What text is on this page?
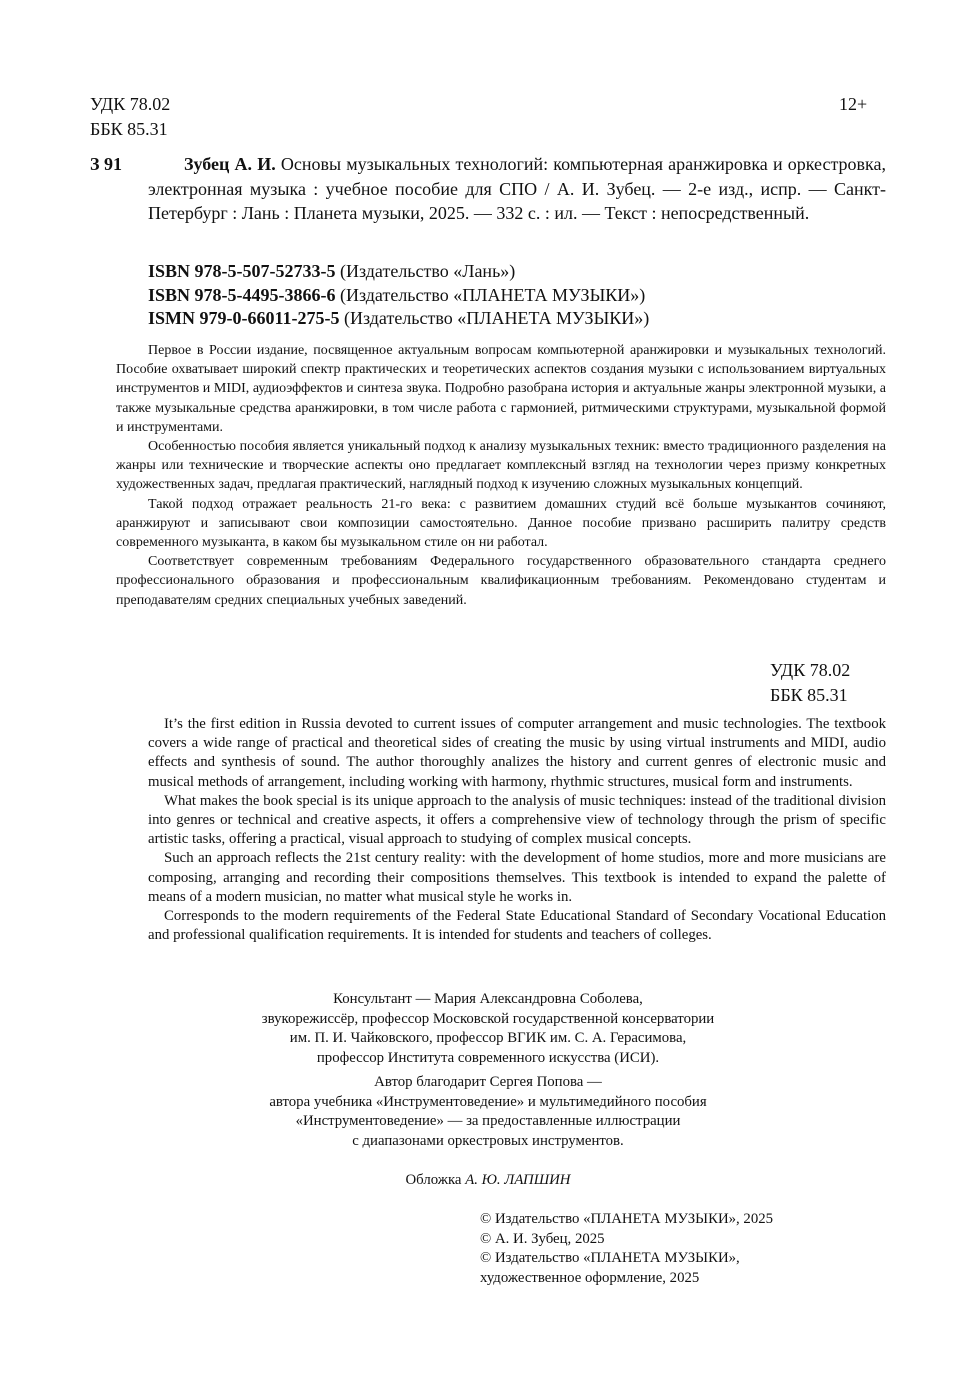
УДК 78.02
ББК 85.31
12+
З 91	Зубец А. И. Основы музыкальных технологий: компьютерная аранжировка и оркестровка, электронная музыка : учебное пособие для СПО / А. И. Зубец. — 2-е изд., испр. — Санкт-Петербург : Лань : Планета музыки, 2025. — 332 с. : ил. — Текст : непосредственный.
ISBN 978-5-507-52733-5 (Издательство «Лань»)
ISBN 978-5-4495-3866-6 (Издательство «ПЛАНЕТА МУЗЫКИ»)
ISMN 979-0-66011-275-5 (Издательство «ПЛАНЕТА МУЗЫКИ»)

Первое в России издание, посвященное актуальным вопросам компьютерной аранжировки и музыкальных технологий. Пособие охватывает широкий спектр практических и теоретических аспектов создания музыки с использованием виртуальных инструментов и MIDI, аудиоэффектов и синтеза звука. Подробно разобрана история и актуальные жанры электронной музыки, а также музыкальные средства аранжировки, в том числе работа с гармонией, ритмическими структурами, музыкальной формой и инструментами.

Особенностью пособия является уникальный подход к анализу музыкальных техник: вместо традиционного разделения на жанры или технические и творческие аспекты оно предлагает комплексный взгляд на технологии через призму конкретных художественных задач, предлагая практический, наглядный подход к изучению сложных музыкальных концепций.

Такой подход отражает реальность 21-го века: с развитием домашних студий всё больше музыкантов сочиняют, аранжируют и записывают свои композиции самостоятельно. Данное пособие призвано расширить палитру средств современного музыканта, в каком бы музыкальном стиле он ни работал.

Соответствует современным требованиям Федерального государственного образовательного стандарта среднего профессионального образования и профессиональным квалификационным требованиям. Рекомендовано студентам и преподавателям средних специальных учебных заведений.

УДК 78.02
ББК 85.31

It’s the first edition in Russia devoted to current issues of computer arrangement and music technologies. The textbook covers a wide range of practical and theoretical sides of creating the music by using virtual instruments and MIDI, audio effects and synthesis of sound. The author thoroughly analizes the history and current genres of electronic music and musical methods of arrangement, including working with harmony, rhythmic structures, musical form and instruments.

What makes the book special is its unique approach to the analysis of music techniques: instead of the traditional division into genres or technical and creative aspects, it offers a comprehensive view of technology through the prism of specific artistic tasks, offering a practical, visual approach to studying of complex musical concepts.

Such an approach reflects the 21st century reality: with the development of home studios, more and more musicians are composing, arranging and recording their compositions themselves. This textbook is intended to expand the palette of means of a modern musician, no matter what musical style he works in.

Corresponds to the modern requirements of the Federal State Educational Standard of Secondary Vocational Education and professional qualification requirements. It is intended for students and teachers of colleges.

Консультант — Мария Александровна Соболева,
звукорежиссёр, профессор Московской государственной консерватории
им. П. И. Чайковского, профессор ВГИК им. С. А. Герасимова,
профессор Института современного искусства (ИСИ).
Автор благодарит Сергея Попова —
автора учебника «Инструментоведение» и мультимедийного пособия
«Инструментоведение» — за предоставленные иллюстрации
с диапазонами оркестровых инструментов.
Обложка А. Ю. ЛАПШИН
© Издательство «ПЛАНЕТА МУЗЫКИ», 2025
© А. И. Зубец, 2025
© Издательство «ПЛАНЕТА МУЗЫКИ»,
художественное оформление, 2025
